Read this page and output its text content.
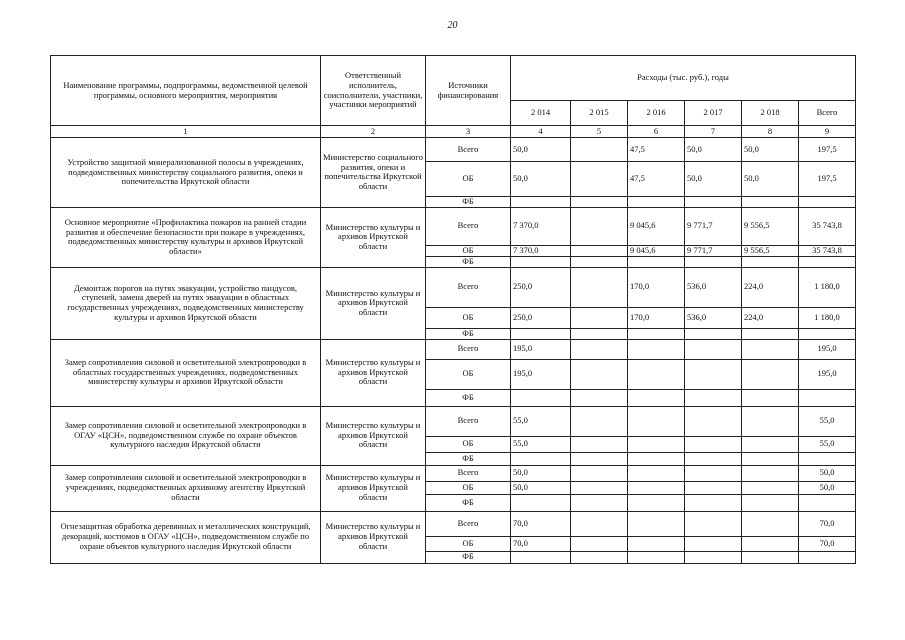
20
Наименование программы, подпрограммы, ведомственной целевой программы, основного мероприятия, мероприятия	Ответственный исполнитель, соисполнители, участники, участники мероприятий	Источники финансирования	Расходы (тыс. руб.), годы					
			2 014	2 015	2 016	2 017	2 018	Всего
1	2	3	4	5	6	7	8	9
Устройство защитной минерализованной полосы в учреждениях, подведомственных министерству социального развития, опеки и попечительства Иркутской области	Министерство социального развития, опеки и попечительства Иркутской области	Всего	50,0		47,5	50,0	50,0	197,5
		ОБ	50,0		47,5	50,0	50,0	197,5
		ФБ						
Основное мероприятие «Профилактика пожаров на ранней стадии развития и обеспечение безопасности при пожаре в учреждениях, подведомственных министерству культуры и архивов Иркутской области»	Министерство культуры и архивов Иркутской области	Всего	7 370,0		9 045,6	9 771,7	9 556,5	35 743,8
		ОБ	7 370,0		9 045,6	9 771,7	9 556,5	35 743,8
		ФБ						
Демонтаж порогов на путях эвакуации, устройство пандусов, ступеней, замена дверей на путях эвакуации в областных государственных учреждениях, подведомственных министерству культуры и архивов Иркутской области	Министерство культуры и архивов Иркутской области	Всего	250,0		170,0	536,0	224,0	1 180,0
		ОБ	250,0		170,0	536,0	224,0	1 180,0
		ФБ						
Замер сопротивления силовой и осветительной электропроводки в областных государственных учреждениях, подведомственных министерству культуры и архивов Иркутской области	Министерство культуры и архивов Иркутской области	Всего	195,0					195,0
		ОБ	195,0					195,0
		ФБ						
Замер сопротивления силовой и осветительной электропроводки в ОГАУ «ЦСН», подведомственном службе по охране объектов культурного наследия Иркутской области	Министерство культуры и архивов Иркутской области	Всего	55,0					55,0
		ОБ	55,0					55,0
		ФБ						
Замер сопротивления силовой и осветительной электропроводки в учреждениях, подведомственных архивному агентству Иркутской области	Министерство культуры и архивов Иркутской области	Всего	50,0					50,0
		ОБ	50,0					50,0
		ФБ						
Огнезащитная обработка деревянных и металлических конструкций, декораций, костюмов в ОГАУ «ЦСН», подведомственном службе по охране объектов культурного наследия Иркутской области	Министерство культуры и архивов Иркутской области	Всего	70,0					70,0
		ОБ	70,0					70,0
		ФБ						
